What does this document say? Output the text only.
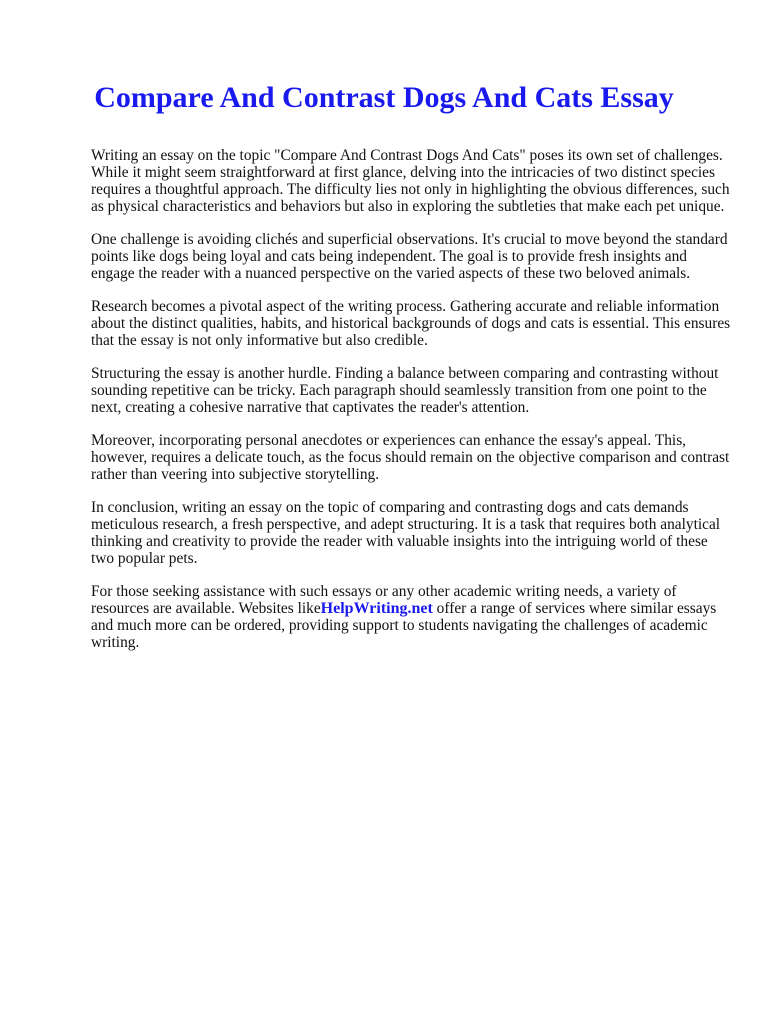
Compare And Contrast Dogs And Cats Essay

Writing an essay on the topic "Compare And Contrast Dogs And Cats" poses its own set of challenges. While it might seem straightforward at first glance, delving into the intricacies of two distinct species requires a thoughtful approach. The difficulty lies not only in highlighting the obvious differences, such as physical characteristics and behaviors but also in exploring the subtleties that make each pet unique.

One challenge is avoiding clichés and superficial observations. It's crucial to move beyond the standard points like dogs being loyal and cats being independent. The goal is to provide fresh insights and engage the reader with a nuanced perspective on the varied aspects of these two beloved animals.

Research becomes a pivotal aspect of the writing process. Gathering accurate and reliable information about the distinct qualities, habits, and historical backgrounds of dogs and cats is essential. This ensures that the essay is not only informative but also credible.

Structuring the essay is another hurdle. Finding a balance between comparing and contrasting without sounding repetitive can be tricky. Each paragraph should seamlessly transition from one point to the next, creating a cohesive narrative that captivates the reader's attention.

Moreover, incorporating personal anecdotes or experiences can enhance the essay's appeal. This, however, requires a delicate touch, as the focus should remain on the objective comparison and contrast rather than veering into subjective storytelling.

In conclusion, writing an essay on the topic of comparing and contrasting dogs and cats demands meticulous research, a fresh perspective, and adept structuring. It is a task that requires both analytical thinking and creativity to provide the reader with valuable insights into the intriguing world of these two popular pets.

For those seeking assistance with such essays or any other academic writing needs, a variety of resources are available. Websites likeHelpWriting.net offer a range of services where similar essays and much more can be ordered, providing support to students navigating the challenges of academic writing.
